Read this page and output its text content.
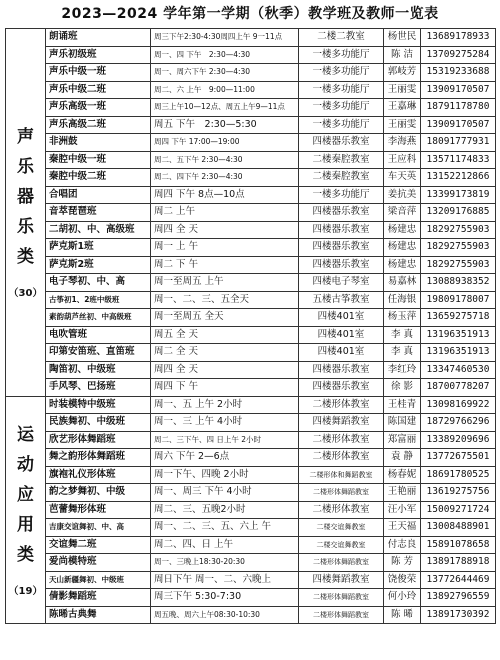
2023—2024 学年第一学期（秋季）教学班及教师一览表
声乐器乐类
（30）	朗诵班	周三下午2:30-4:30周四上午 9一11点	二楼二教室	杨世民	13689178933
	声乐初级班	周一、四 下午　2:30—4:30	一楼多功能厅	陈 洁	13709275284
	声乐中级一班	周一、周六下午 2:30—4:30	一楼多功能厅	郭岐芳	15319233688
	声乐中级二班	周二、六 上午　9:00—11:00	一楼多功能厅	王丽雯	13909170507
	声乐高级一班	周三上午10—12点、周五上午9—11点	一楼多功能厅	王嘉琳	18791178780
	声乐高级二班	周五 下午　2:30—5:30	一楼多功能厅	王丽雯	13909170507
	非洲鼓	周四 下午 17:00—19:00	四楼器乐教室	李海燕	18091777931
	秦腔中级一班	周二、五下午 2:30—4:30	二楼秦腔教室	王应科	13571174833
	秦腔中级二班	周二、四下午 2:30—4:30	二楼秦腔教室	车天英	13152212866
	合唱团	周四 下午 8点—10点	一楼多功能厅	姜抗美	13399173819
	音萃琵琶班	周二 上午	四楼器乐教室	梁音萍	13209176885
	二胡初、中、高级班	周四 全 天	四楼器乐教室	杨建忠	18292755903
	萨克斯1班	周一 上 午	四楼器乐教室	杨建忠	18292755903
	萨克斯2班	周二 下 午	四楼器乐教室	杨建忠	18292755903
	电子琴初、中、高	周一至周五 上午	四楼电子琴室	易嘉林	13088938352
	古筝初1、2班中级班	周一、二、三、五全天	五楼古筝教室	任海银	19809178007
	素韵葫芦丝初、中高级班	周一至周五 全天	四楼401室	杨玉萍	13659275718
	电吹管班	周五 全 天	四楼401室	李 真	13196351913
	印第安笛班、直笛班	周二 全 天	四楼401室	李 真	13196351913
	陶笛初、中级班	周四 全 天	四楼器乐教室	李红玲	13347460530
	手风琴、巴扬班	周四 下 午	四楼器乐教室	徐 影	18700778207

运动应用类
（19）	时装模特中级班	周一、五 上午 2小时	二楼形体教室	王桂青	13098169922
	民族舞初、中级班	周一、三 上午 4小时	四楼舞蹈教室	陈国建	18729766296
	欣艺形体舞蹈班	周二、三下午、四 日上午 2小时	二楼形体教室	郑富丽	13389209696
	舞之韵形体舞蹈班	周六 下午 2—6点	二楼形体教室	袁 静	13772675501
	旗袍礼仪形体班	周一下午、四晚 2小时	二楼形体和舞蹈教室	杨春妮	18691780525
	韵之梦舞初、中级	周一、周三 下午 4小时	二楼形体舞蹈教室	王艳丽	13619275756
	芭蕾舞形体班	周二、三、五晚2小时	二楼形体教室	汪小军	15009271724
	吉康交谊舞初、中、高	周一、二、三、五、六上 午	二楼交谊舞教室	王天福	13008488901
	交谊舞二班	周二、四、日 上午	二楼交谊舞教室	付志良	15891078658
	爱尚模特班	周一、三晚上18:30-20:30	二楼形体舞蹈教室	陈 芳	13891788918
	天山新疆舞初、中级班	周日下午 周一、二、六晚上	四楼舞蹈教室	饶俊荣	13772644469
	倩影舞蹈班	周三下午 5:30-7:30	二楼形体舞蹈教室	何小玲	13892796559
	陈晞古典舞	周五晚、周六上午08:30-10:30	二楼形体舞蹈教室	陈 晞	13891730392
